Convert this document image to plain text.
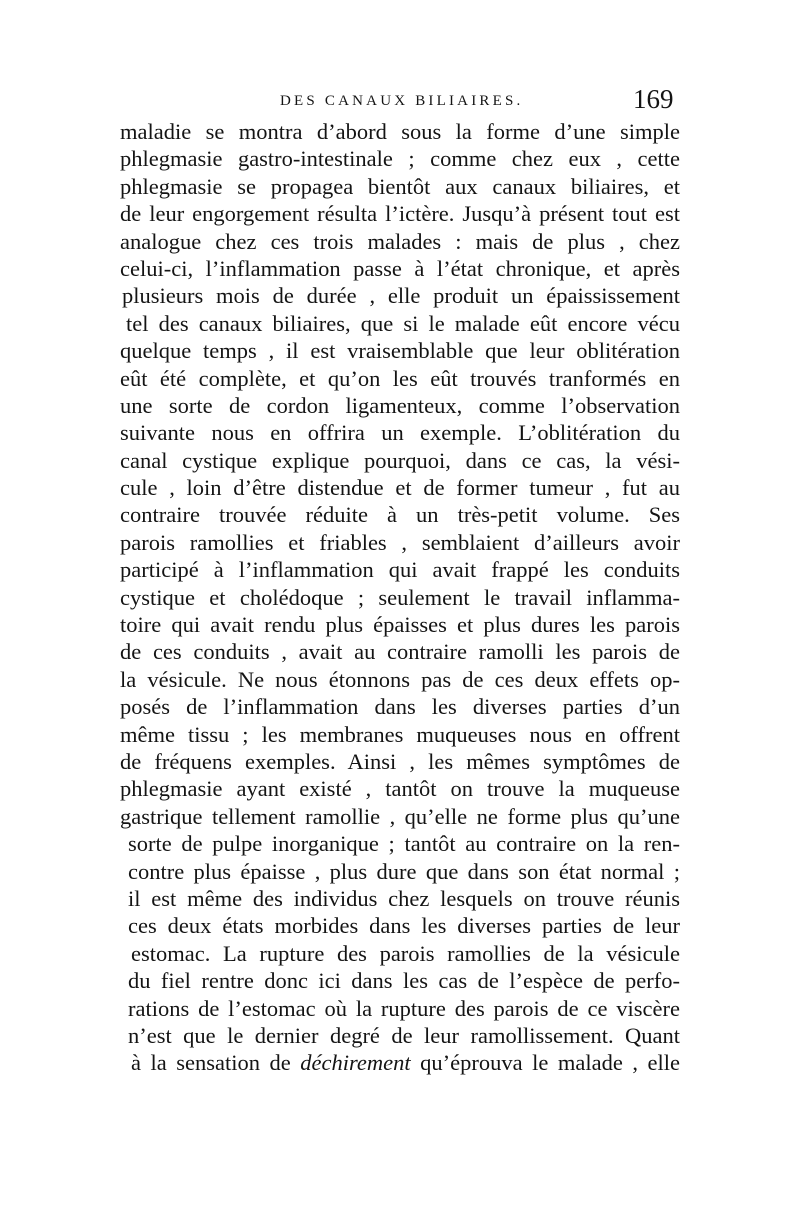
DES CANAUX BILIAIRES.	169
maladie se montra d’abord sous la forme d’une simple
phlegmasie gastro-intestinale ; comme chez eux , cette
phlegmasie se propagea bientôt aux canaux biliaires, et
de leur engorgement résulta l’ictère. Jusqu’à présent tout est
analogue chez ces trois malades : mais de plus , chez
celui-ci, l’inflammation passe à l’état chronique, et après
plusieurs mois de durée , elle produit un épaississement
tel des canaux biliaires, que si le malade eût encore vécu
quelque temps , il est vraisemblable que leur oblitération
eût été complète, et qu’on les eût trouvés tranformés en
une sorte de cordon ligamenteux, comme l’observation
suivante nous en offrira un exemple. L’oblitération du
canal cystique explique pourquoi, dans ce cas, la vési-
cule , loin d’être distendue et de former tumeur , fut au
contraire trouvée réduite à un très-petit volume. Ses
parois ramollies et friables , semblaient d’ailleurs avoir
participé à l’inflammation qui avait frappé les conduits
cystique et cholédoque ; seulement le travail inflamma-
toire qui avait rendu plus épaisses et plus dures les parois
de ces conduits , avait au contraire ramolli les parois de
la vésicule. Ne nous étonnons pas de ces deux effets op-
posés de l’inflammation dans les diverses parties d’un
même tissu ; les membranes muqueuses nous en offrent
de fréquens exemples. Ainsi , les mêmes symptômes de
phlegmasie ayant existé , tantôt on trouve la muqueuse
gastrique tellement ramollie , qu’elle ne forme plus qu’une
sorte de pulpe inorganique ; tantôt au contraire on la ren-
contre plus épaisse , plus dure que dans son état normal ;
il est même des individus chez lesquels on trouve réunis
ces deux états morbides dans les diverses parties de leur
estomac. La rupture des parois ramollies de la vésicule
du fiel rentre donc ici dans les cas de l’espèce de perfo-
rations de l’estomac où la rupture des parois de ce viscère
n’est que le dernier degré de leur ramollissement. Quant
à la sensation de déchirement qu’éprouva le malade , elle
